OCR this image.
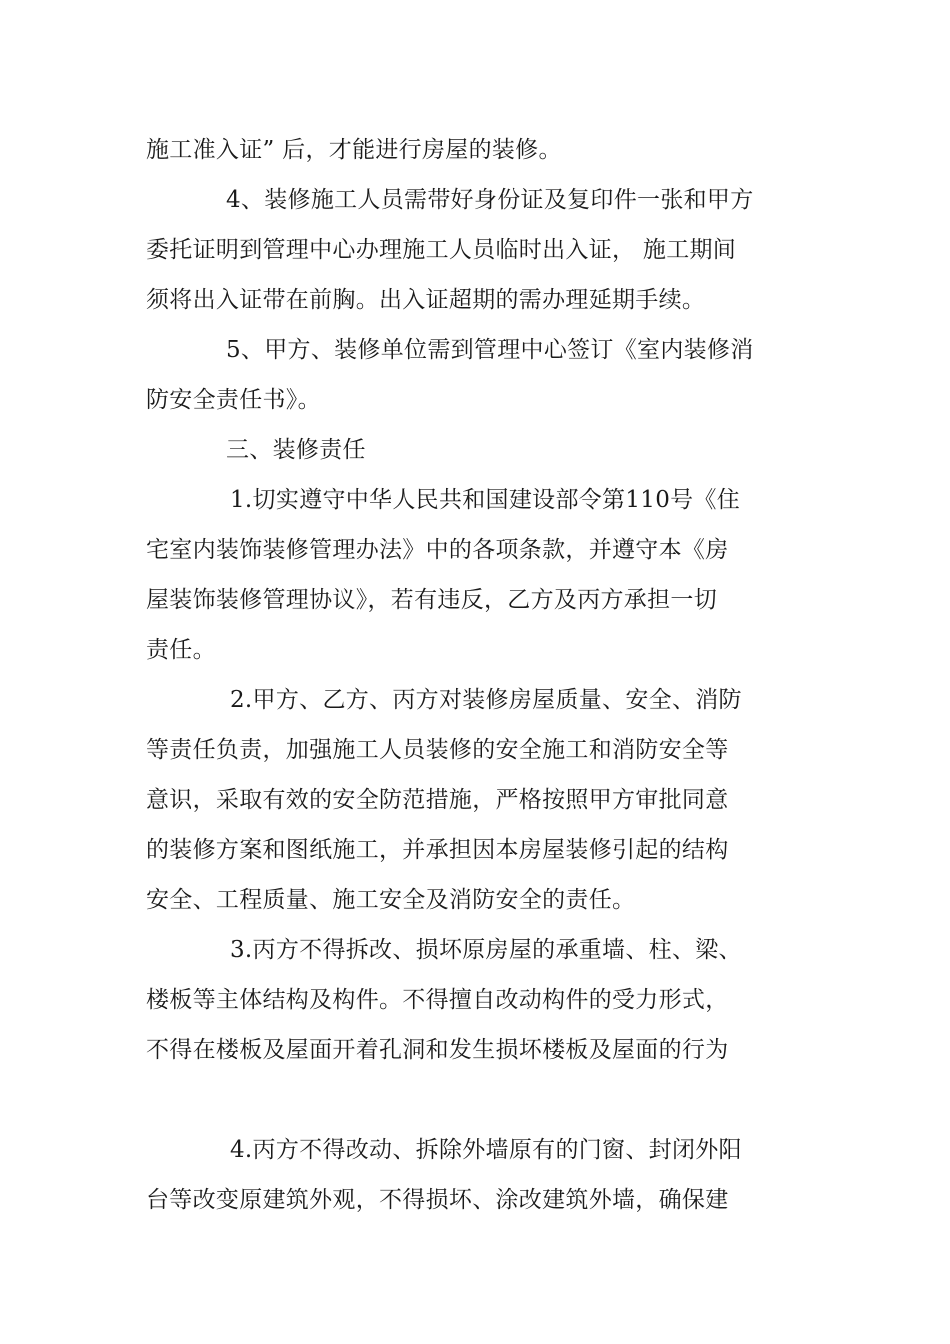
施工准入证” 后，才能进行房屋的装修。
4、装修施工人员需带好身份证及复印件一张和甲方
委托证明到管理中心办理施工人员临时出入证， 施工期间
须将出入证带在前胸。出入证超期的需办理延期手续。
5、甲方、装修单位需到管理中心签订《室内装修消
防安全责任书》。
三、装修责任
1.切实遵守中华人民共和国建设部令第110号《住
宅室内装饰装修管理办法》中的各项条款，并遵守本《房
屋装饰装修管理协议》，若有违反，乙方及丙方承担一切
责任。
2.甲方、乙方、丙方对装修房屋质量、安全、消防
等责任负责，加强施工人员装修的安全施工和消防安全等
意识，采取有效的安全防范措施，严格按照甲方审批同意
的装修方案和图纸施工，并承担因本房屋装修引起的结构
安全、工程质量、施工安全及消防安全的责任。
3.丙方不得拆改、损坏原房屋的承重墙、柱、梁、
楼板等主体结构及构件。不得擅自改动构件的受力形式，
不得在楼板及屋面开着孔洞和发生损坏楼板及屋面的行为
4.丙方不得改动、拆除外墙原有的门窗、封闭外阳
台等改变原建筑外观，不得损坏、涂改建筑外墙，确保建
